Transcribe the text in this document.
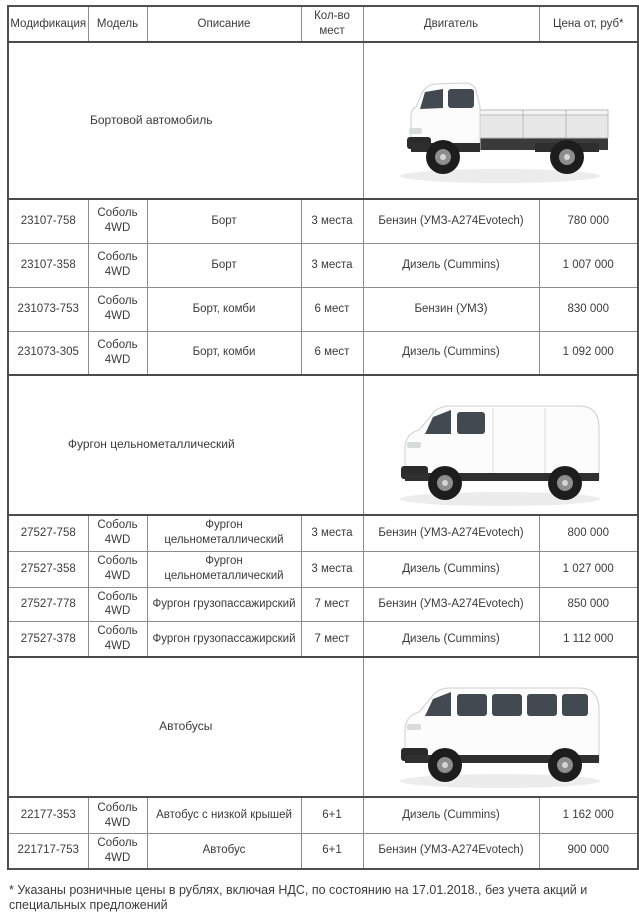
Модификация	Модель	Описание	Кол-во мест	Двигатель	Цена от, руб*
Бортовой автомобиль	

23107-758	Соболь 4WD	Борт	3 места	Бензин (УМЗ-А274Evotech)	780 000
23107-358	Соболь 4WD	Борт	3 места	Дизель (Cummins)	1 007 000
231073-753	Соболь 4WD	Борт, комби	6 мест	Бензин (УМЗ)	830 000
231073-305	Соболь 4WD	Борт, комби	6 мест	Дизель (Cummins)	1 092 000
Фургон цельнометаллический	

27527-758	Соболь 4WD	Фургон цельнометаллический	3 места	Бензин (УМЗ-А274Evotech)	800 000
27527-358	Соболь 4WD	Фургон цельнометаллический	3 места	Дизель (Cummins)	1 027 000
27527-778	Соболь 4WD	Фургон грузопассажирский	7 мест	Бензин (УМЗ-А274Evotech)	850 000
27527-378	Соболь 4WD	Фургон грузопассажирский	7 мест	Дизель (Cummins)	1 112 000
Автобусы	

22177-353	Соболь 4WD	Автобус с низкой крышей	6+1	Дизель (Cummins)	1 162 000
221717-753	Соболь 4WD	Автобус	6+1	Бензин (УМЗ-А274Evotech)	900 000

* Указаны розничные цены в рублях, включая НДС, по состоянию на 17.01.2018., без учета акций и
специальных предложений
